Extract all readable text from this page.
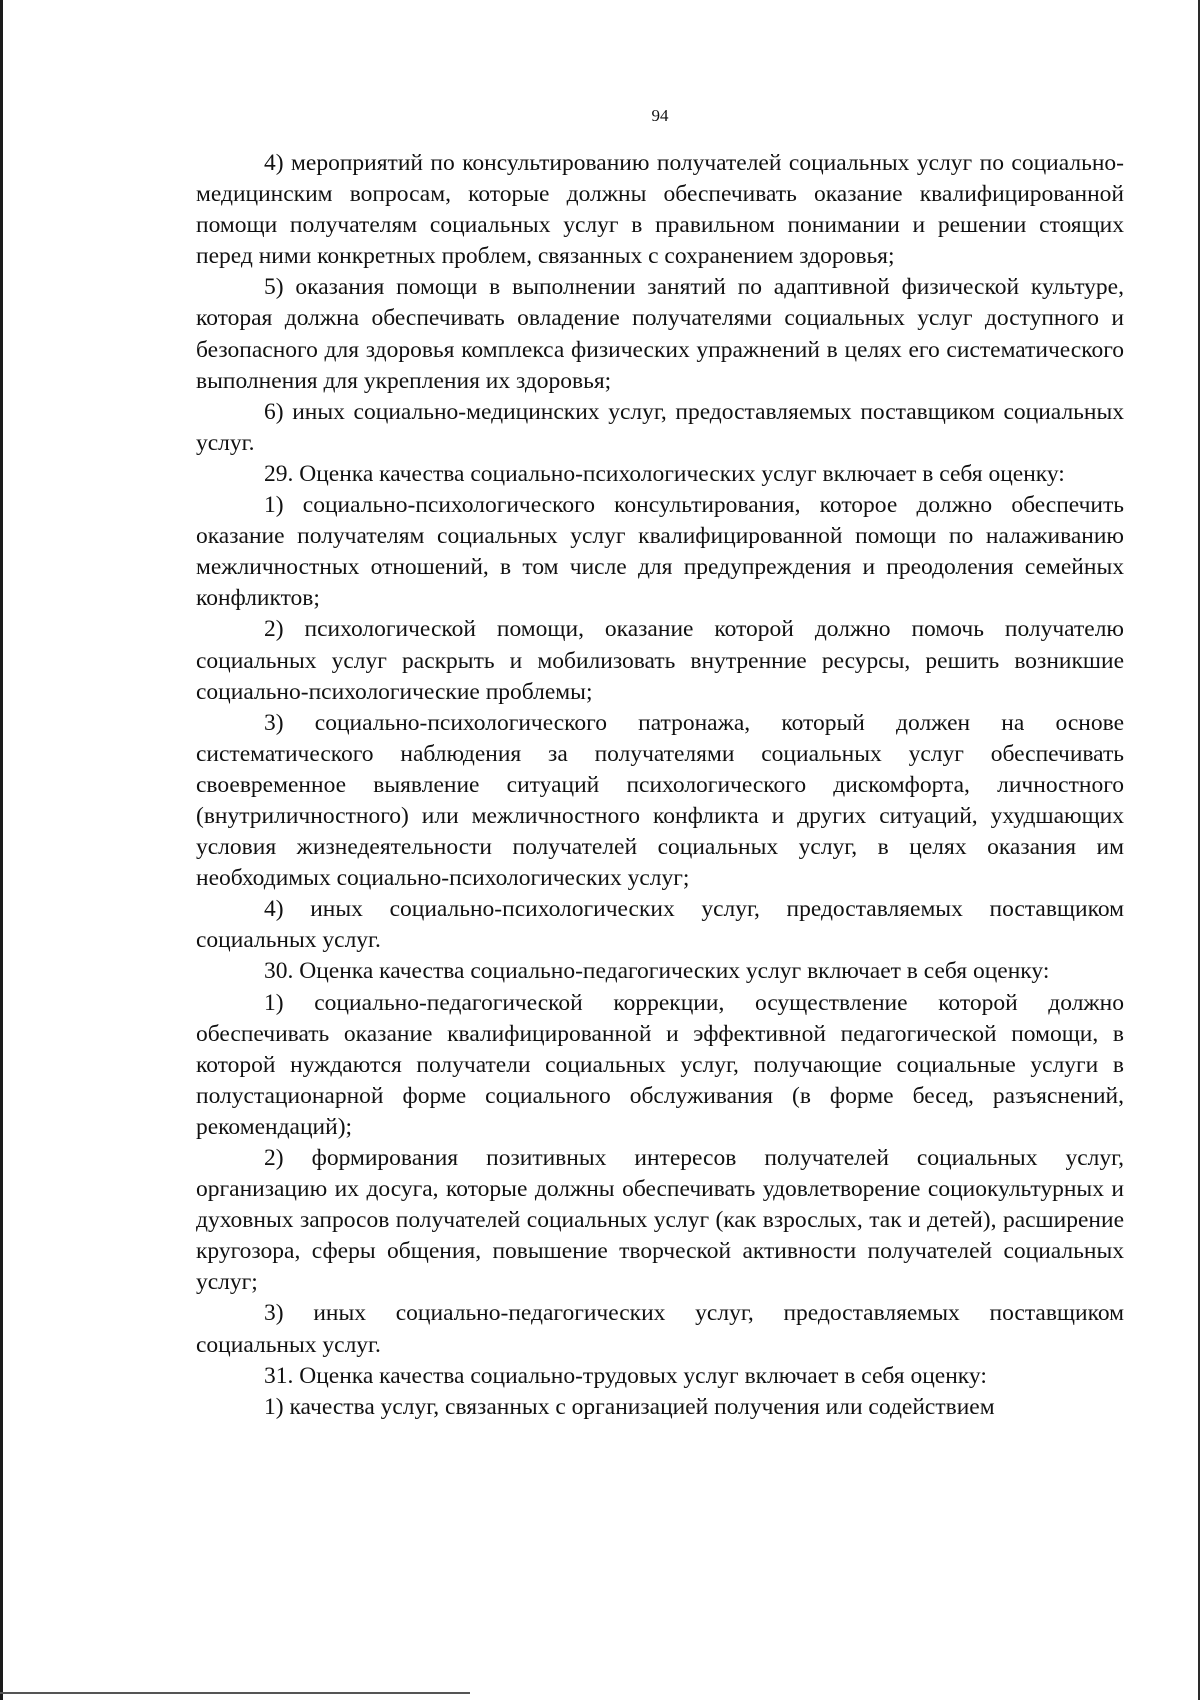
94

4) мероприятий по консультированию получателей социальных услуг по социально-медицинским вопросам, которые должны обеспечивать оказание квалифицированной помощи получателям социальных услуг в правильном понимании и решении стоящих перед ними конкретных проблем, связанных с сохранением здоровья;

5) оказания помощи в выполнении занятий по адаптивной физической культуре, которая должна обеспечивать овладение получателями социальных услуг доступного и безопасного для здоровья комплекса физических упражнений в целях его систематического выполнения для укрепления их здоровья;

6) иных социально-медицинских услуг, предоставляемых поставщиком социальных услуг.

29. Оценка качества социально-психологических услуг включает в себя оценку:

1) социально-психологического консультирования, которое должно обеспечить оказание получателям социальных услуг квалифицированной помощи по налаживанию межличностных отношений, в том числе для предупреждения и преодоления семейных конфликтов;

2) психологической помощи, оказание которой должно помочь получателю социальных услуг раскрыть и мобилизовать внутренние ресурсы, решить возникшие социально-психологические проблемы;

3) социально-психологического патронажа, который должен на основе систематического наблюдения за получателями социальных услуг обеспечивать своевременное выявление ситуаций психологического дискомфорта, личностного (внутриличностного) или межличностного конфликта и других ситуаций, ухудшающих условия жизнедеятельности получателей социальных услуг, в целях оказания им необходимых социально-психологических услуг;

4) иных социально-психологических услуг, предоставляемых поставщиком социальных услуг.

30. Оценка качества социально-педагогических услуг включает в себя оценку:

1) социально-педагогической коррекции, осуществление которой должно обеспечивать оказание квалифицированной и эффективной педагогической помощи, в которой нуждаются получатели социальных услуг, получающие социальные услуги в полустационарной форме социального обслуживания (в форме бесед, разъяснений, рекомендаций);

2) формирования позитивных интересов получателей социальных услуг, организацию их досуга, которые должны обеспечивать удовлетворение социокультурных и духовных запросов получателей социальных услуг (как взрослых, так и детей), расширение кругозора, сферы общения, повышение творческой активности получателей социальных услуг;

3) иных социально-педагогических услуг, предоставляемых поставщиком социальных услуг.

31. Оценка качества социально-трудовых услуг включает в себя оценку:

1) качества услуг, связанных с организацией получения или содействием
